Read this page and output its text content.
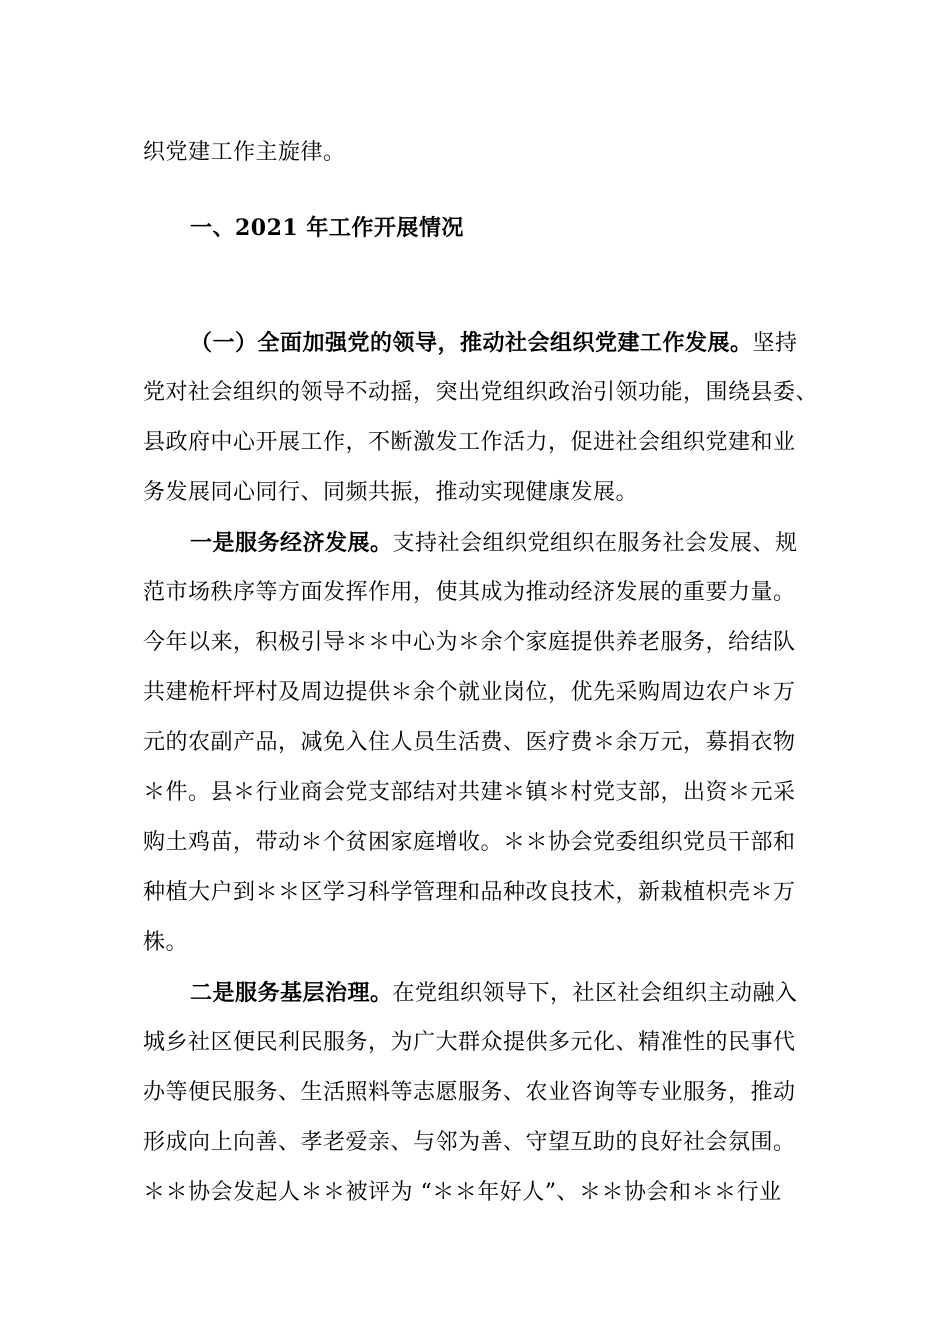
织党建工作主旋律。
一、2021 年工作开展情况
（一）全面加强党的领导，推动社会组织党建工作发展。坚持
党对社会组织的领导不动摇，突出党组织政治引领功能，围绕县委、
县政府中心开展工作，不断激发工作活力，促进社会组织党建和业
务发展同心同行、同频共振，推动实现健康发展。
一是服务经济发展。支持社会组织党组织在服务社会发展、规
范市场秩序等方面发挥作用，使其成为推动经济发展的重要力量。
今年以来，积极引导＊＊中心为＊余个家庭提供养老服务，给结队
共建桅杆坪村及周边提供＊余个就业岗位，优先采购周边农户＊万
元的农副产品，减免入住人员生活费、医疗费＊余万元，募捐衣物
＊件。县＊行业商会党支部结对共建＊镇＊村党支部，出资＊元采
购土鸡苗，带动＊个贫困家庭增收。＊＊协会党委组织党员干部和
种植大户到＊＊区学习科学管理和品种改良技术，新栽植枳壳＊万
株。
二是服务基层治理。在党组织领导下，社区社会组织主动融入
城乡社区便民利民服务，为广大群众提供多元化、精准性的民事代
办等便民服务、生活照料等志愿服务、农业咨询等专业服务，推动
形成向上向善、孝老爱亲、与邻为善、守望互助的良好社会氛围。
＊＊协会发起人＊＊被评为 “＊＊年好人”、＊＊协会和＊＊行业
